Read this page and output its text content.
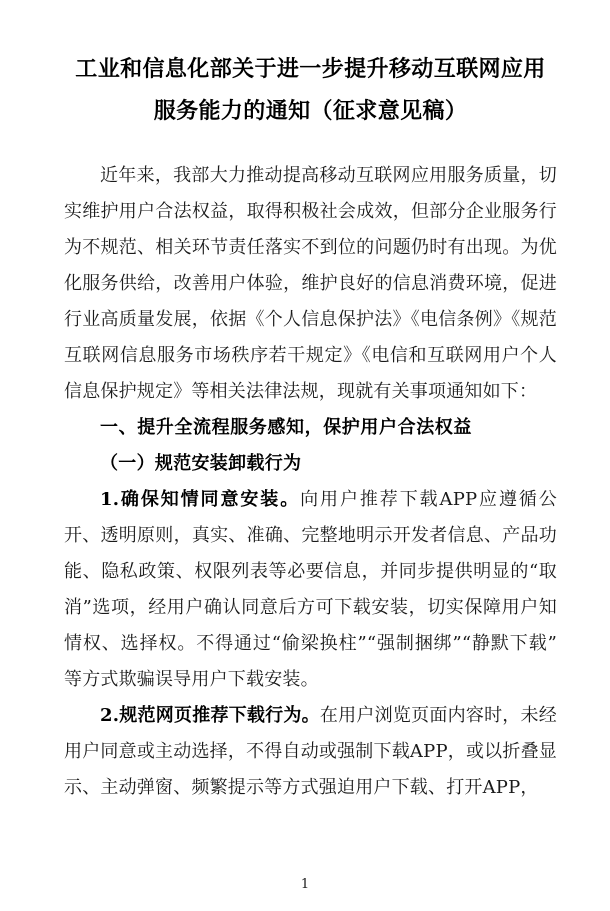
工业和信息化部关于进一步提升移动互联网应用
服务能力的通知（征求意见稿）

近年来，我部大力推动提高移动互联网应用服务质量，切实维护用户合法权益，取得积极社会成效，但部分企业服务行为不规范、相关环节责任落实不到位的问题仍时有出现。为优化服务供给，改善用户体验，维护良好的信息消费环境，促进行业高质量发展，依据《个人信息保护法》《电信条例》《规范互联网信息服务市场秩序若干规定》《电信和互联网用户个人信息保护规定》等相关法律法规，现就有关事项通知如下：

一、提升全流程服务感知，保护用户合法权益

（一）规范安装卸载行为

1.确保知情同意安装。向用户推荐下载APP应遵循公开、透明原则，真实、准确、完整地明示开发者信息、产品功能、隐私政策、权限列表等必要信息，并同步提供明显的“取消”选项，经用户确认同意后方可下载安装，切实保障用户知情权、选择权。不得通过“偷梁换柱”“强制捆绑”“静默下载”等方式欺骗误导用户下载安装。

2.规范网页推荐下载行为。在用户浏览页面内容时，未经用户同意或主动选择，不得自动或强制下载APP，或以折叠显示、主动弹窗、频繁提示等方式强迫用户下载、打开APP，

1
